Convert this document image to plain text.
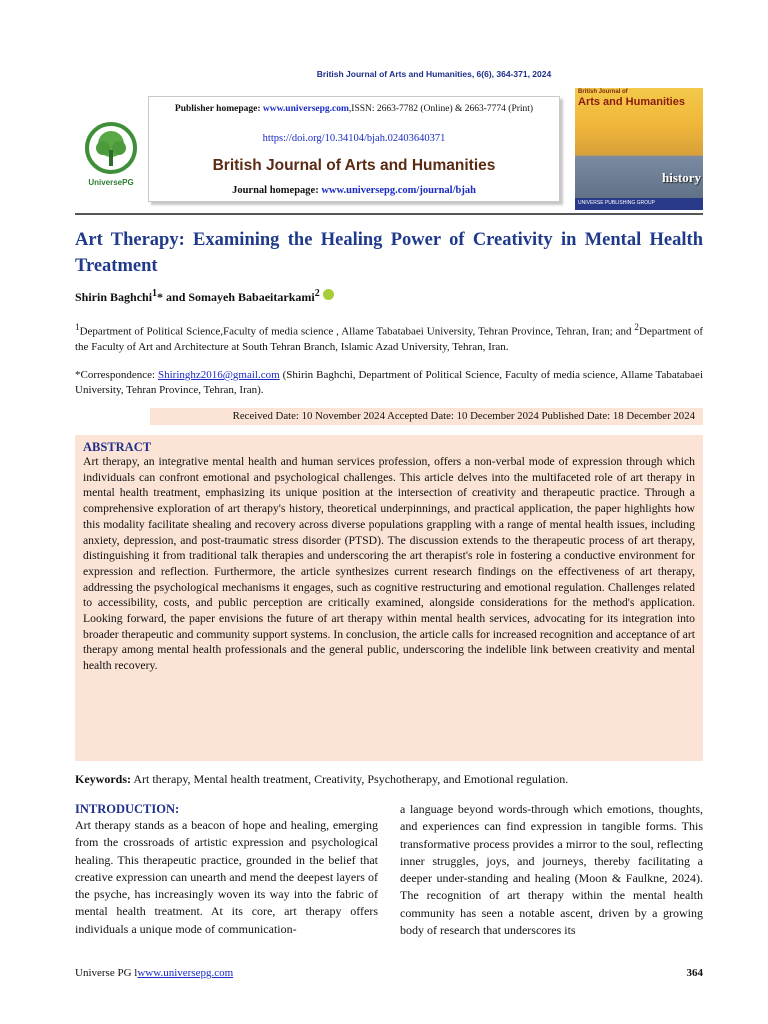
British Journal of Arts and Humanities, 6(6), 364-371, 2024
UniversePG
Publisher homepage: www.universepg.com,ISSN: 2663-7782 (Online) & 2663-7774 (Print)
https://doi.org/10.34104/bjah.02403640371
British Journal of Arts and Humanities
Journal homepage: www.universepg.com/journal/bjah
British Journal of
Arts and Humanities
history
UNIVERSE PUBLISHING GROUP
Art Therapy: Examining the Healing Power of Creativity in Mental Health Treatment
Shirin Baghchi$^1$* and Somayeh Babaeitarkami$^2$
$^1$Department of Political Science,Faculty of media science , Allame Tabatabaei University, Tehran Province, Tehran, Iran; and $^2$Department of the Faculty of Art and Architecture at South Tehran Branch, Islamic Azad University, Tehran, Iran.
*Correspondence: Shiringhz2016@gmail.com (Shirin Baghchi, Department of Political Science, Faculty of media science, Allame Tabatabaei University, Tehran Province, Tehran, Iran).
Received Date: 10 November 2024 Accepted Date: 10 December 2024 Published Date: 18 December 2024
ABSTRACT

Art therapy, an integrative mental health and human services profession, offers a non-verbal mode of expression through which individuals can confront emotional and psychological challenges. This article delves into the multifaceted role of art therapy in mental health treatment, emphasizing its unique position at the intersection of creativity and therapeutic practice. Through a comprehensive exploration of art therapy's history, theoretical underpinnings, and practical application, the paper highlights how this modality facilitate shealing and recovery across diverse populations grappling with a range of mental health issues, including anxiety, depression, and post-traumatic stress disorder (PTSD). The discussion extends to the therapeutic process of art therapy, distinguishing it from traditional talk therapies and underscoring the art therapist's role in fostering a conductive environment for expression and reflection. Furthermore, the article synthesizes current research findings on the effectiveness of art therapy, addressing the psychological mechanisms it engages, such as cognitive restructuring and emotional regulation. Challenges related to accessibility, costs, and public perception are critically examined, alongside considerations for the method's application. Looking forward, the paper envisions the future of art therapy within mental health services, advocating for its integration into broader therapeutic and community support systems. In conclusion, the article calls for increased recognition and acceptance of art therapy among mental health professionals and the general public, underscoring the indelible link between creativity and mental health recovery.

Keywords: Art therapy, Mental health treatment, Creativity, Psychotherapy, and Emotional regulation.
INTRODUCTION:

Art therapy stands as a beacon of hope and healing, emerging from the crossroads of artistic expression and psychological healing. This therapeutic practice, grounded in the belief that creative expression can unearth and mend the deepest layers of the psyche, has increasingly woven its way into the fabric of mental health treatment. At its core, art therapy offers individuals a unique mode of communication-

a language beyond words-through which emotions, thoughts, and experiences can find expression in tangible forms. This transformative process provides a mirror to the soul, reflecting inner struggles, joys, and journeys, thereby facilitating a deeper under-standing and healing (Moon & Faulkne, 2024). The recognition of art therapy within the mental health community has seen a notable ascent, driven by a growing body of research that underscores its

Universe PG lwww.universepg.com	364
